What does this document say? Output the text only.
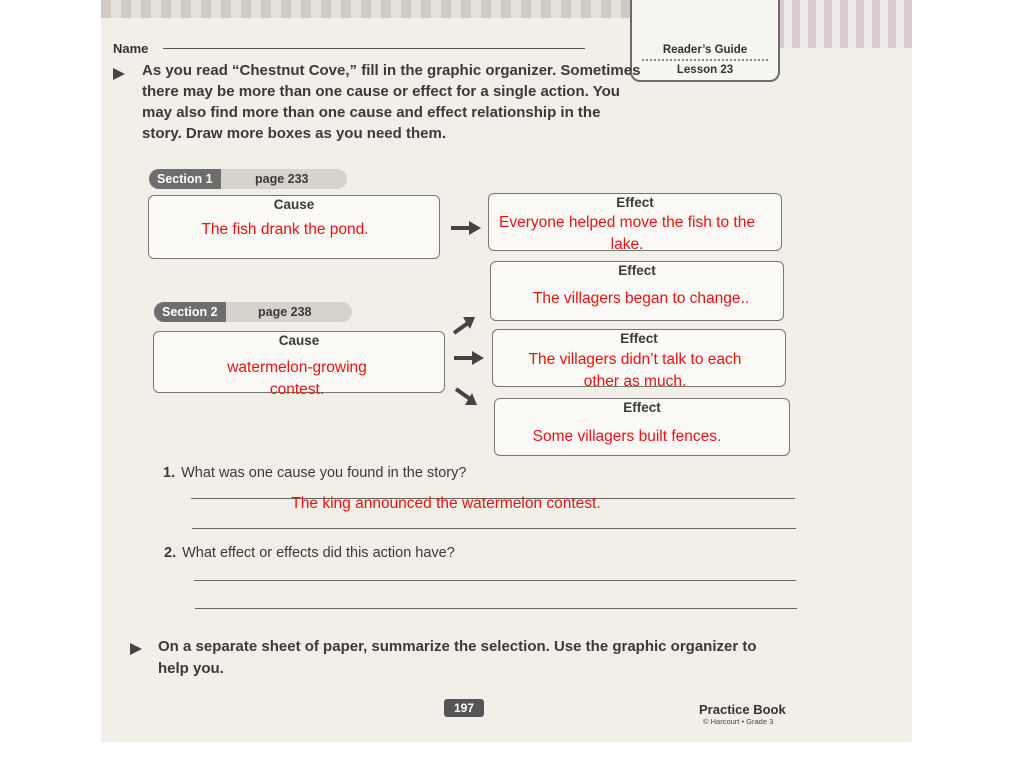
Name	Reader’s Guide
Lesson 23
As you read “Chestnut Cove,” fill in the graphic organizer. Sometimes there may be more than one cause or effect for a single action. You may also find more than one cause and effect relationship in the story. Draw more boxes as you need them.
Section 1	page 233
Cause
The fish drank the pond.
Effect
Everyone helped move the fish to the lake.
Effect
The villagers began to change..
Section 2	page 238
Cause
watermelon-growing contest.
Effect
The villagers didn’t talk to each other as much.
Effect
Some villagers built fences.
1. What was one cause you found in the story?
The king announced the watermelon contest.
2. What effect or effects did this action have?
On a separate sheet of paper, summarize the selection. Use the graphic organizer to help you.
197	Practice Book
© Harcourt • Grade 3
